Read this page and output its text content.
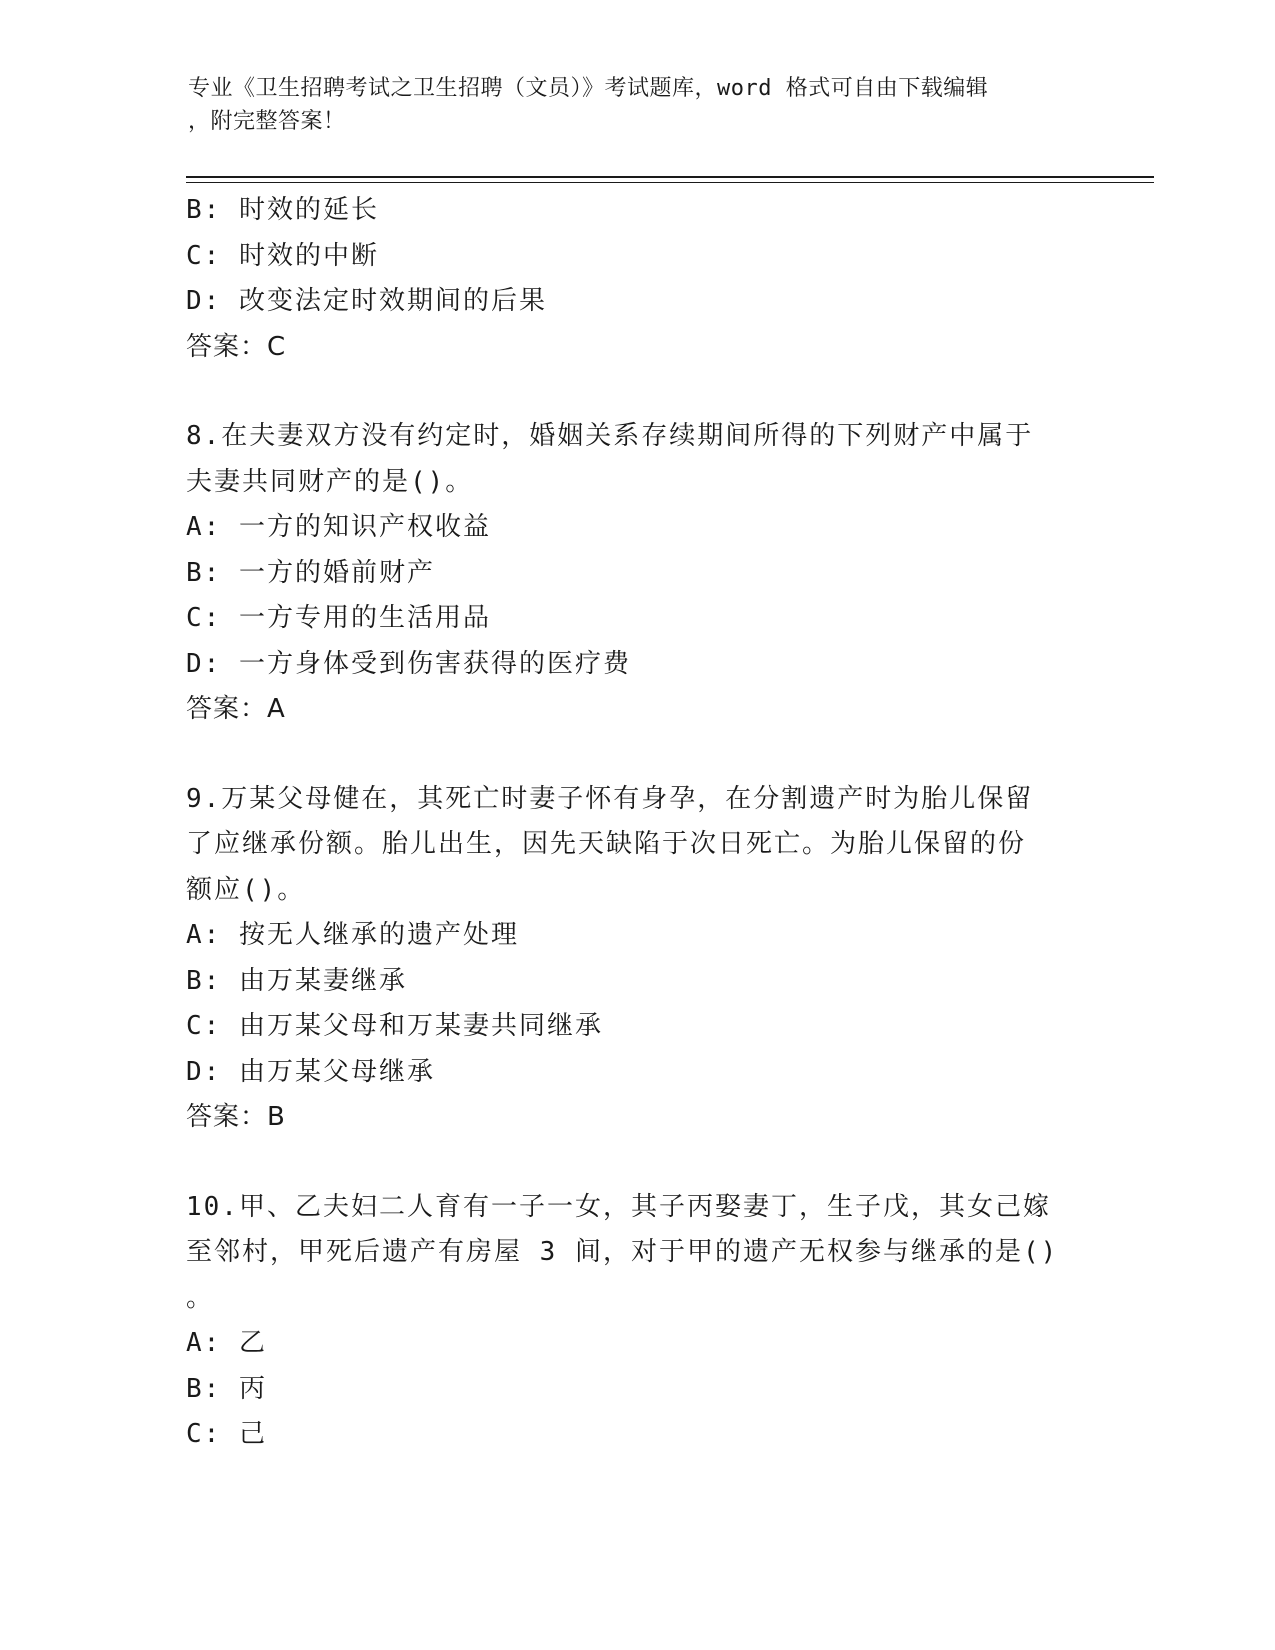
专业《卫生招聘考试之卫生招聘（文员）》考试题库，word 格式可自由下载编辑
，附完整答案！
B: 时效的延长
C: 时效的中断
D: 改变法定时效期间的后果
答案：C
8.在夫妻双方没有约定时，婚姻关系存续期间所得的下列财产中属于
夫妻共同财产的是()。
A: 一方的知识产权收益
B: 一方的婚前财产
C: 一方专用的生活用品
D: 一方身体受到伤害获得的医疗费
答案：A
9.万某父母健在，其死亡时妻子怀有身孕，在分割遗产时为胎儿保留
了应继承份额。胎儿出生，因先天缺陷于次日死亡。为胎儿保留的份
额应()。
A: 按无人继承的遗产处理
B: 由万某妻继承
C: 由万某父母和万某妻共同继承
D: 由万某父母继承
答案：B
10.甲、乙夫妇二人育有一子一女，其子丙娶妻丁，生子戊，其女己嫁
至邻村，甲死后遗产有房屋 3 间，对于甲的遗产无权参与继承的是()
。
A: 乙
B: 丙
C: 己
